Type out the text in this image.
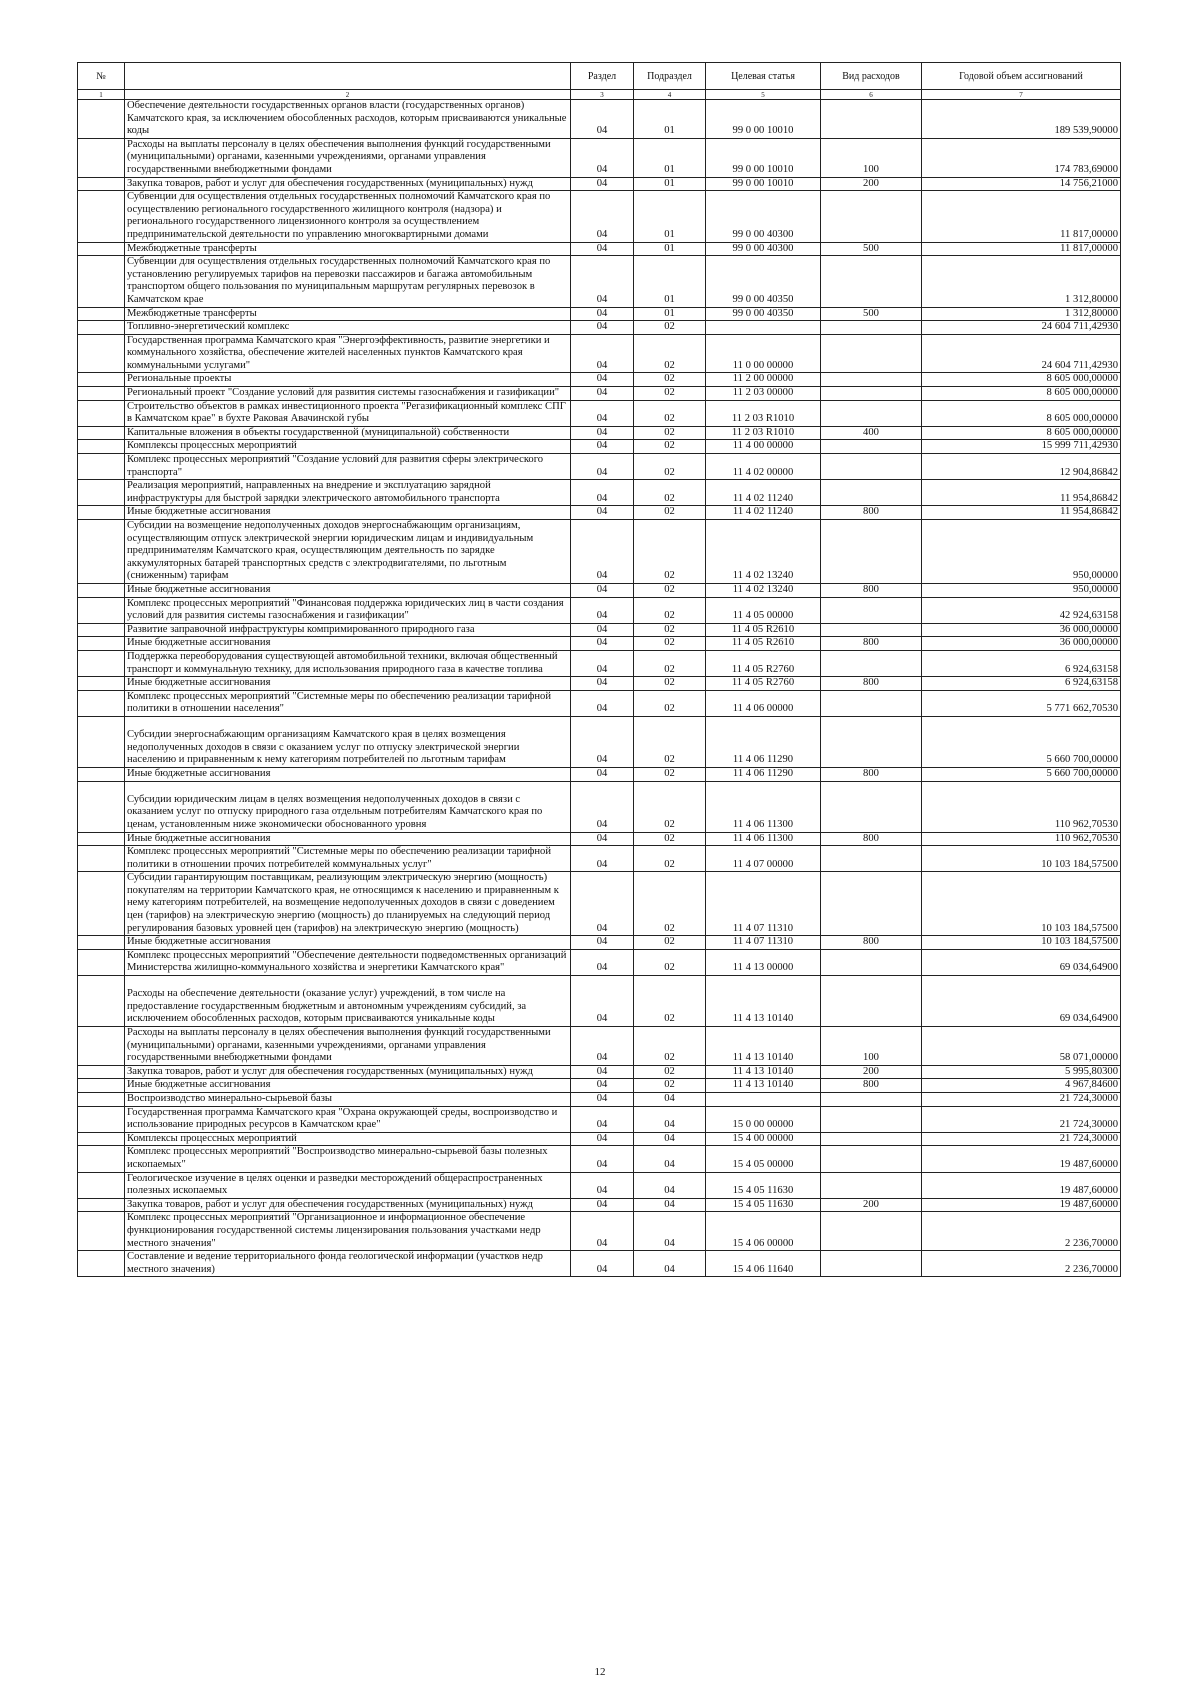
№		Раздел	Подраздел	Целевая статья	Вид расходов	Годовой объем ассигнований
1	2	3	4	5	6	7
	Обеспечение деятельности государственных органов власти (государственных органов) Камчатского края, за исключением обособленных расходов, которым присваиваются уникальные коды	04	01	99 0 00 10010		189 539,90000
	Расходы на выплаты персоналу в целях обеспечения выполнения функций государственными (муниципальными) органами, казенными учреждениями, органами управления государственными внебюджетными фондами	04	01	99 0 00 10010	100	174 783,69000
	Закупка товаров, работ и услуг для обеспечения государственных (муниципальных) нужд	04	01	99 0 00 10010	200	14 756,21000
	Субвенции для осуществления отдельных государственных полномочий Камчатского края по осуществлению регионального государственного жилищного контроля (надзора) и регионального государственного лицензионного контроля за осуществлением предпринимательской деятельности по управлению многоквартирными домами	04	01	99 0 00 40300		11 817,00000
	Межбюджетные трансферты	04	01	99 0 00 40300	500	11 817,00000
	Субвенции для осуществления отдельных государственных полномочий Камчатского края по установлению регулируемых тарифов на перевозки пассажиров и багажа автомобильным транспортом общего пользования по муниципальным маршрутам регулярных перевозок в Камчатском крае	04	01	99 0 00 40350		1 312,80000
	Межбюджетные трансферты	04	01	99 0 00 40350	500	1 312,80000
	Топливно-энергетический комплекс	04	02			24 604 711,42930
	Государственная программа Камчатского края "Энергоэффективность, развитие энергетики и коммунального хозяйства, обеспечение жителей населенных пунктов Камчатского края коммунальными услугами"	04	02	11 0 00 00000		24 604 711,42930
	Региональные проекты	04	02	11 2 00 00000		8 605 000,00000
	Региональный проект "Создание условий для развития системы газоснабжения и газификации"	04	02	11 2 03 00000		8 605 000,00000
	Строительство объектов в рамках инвестиционного проекта "Регазификационный комплекс СПГ в Камчатском крае" в бухте Раковая Авачинской губы	04	02	11 2 03 R1010		8 605 000,00000
	Капитальные вложения в объекты государственной (муниципальной) собственности	04	02	11 2 03 R1010	400	8 605 000,00000
	Комплексы процессных мероприятий	04	02	11 4 00 00000		15 999 711,42930
	Комплекс процессных мероприятий "Создание условий для развития сферы электрического транспорта"	04	02	11 4 02 00000		12 904,86842
	Реализация мероприятий, направленных на внедрение и эксплуатацию зарядной инфраструктуры для быстрой зарядки электрического автомобильного транспорта	04	02	11 4 02 11240		11 954,86842
	Иные бюджетные ассигнования	04	02	11 4 02 11240	800	11 954,86842
	Субсидии на возмещение недополученных доходов энергоснабжающим организациям, осуществляющим отпуск электрической энергии юридическим лицам и индивидуальным предпринимателям Камчатского края, осуществляющим деятельность по зарядке аккумуляторных батарей транспортных средств с электродвигателями, по льготным (сниженным) тарифам	04	02	11 4 02 13240		950,00000
	Иные бюджетные ассигнования	04	02	11 4 02 13240	800	950,00000
	Комплекс процессных мероприятий "Финансовая поддержка юридических лиц в части создания условий для развития системы газоснабжения и газификации"	04	02	11 4 05 00000		42 924,63158
	Развитие заправочной инфраструктуры компримированного природного газа	04	02	11 4 05 R2610		36 000,00000
	Иные бюджетные ассигнования	04	02	11 4 05 R2610	800	36 000,00000
	Поддержка переоборудования существующей автомобильной техники, включая общественный транспорт и коммунальную технику, для использования природного газа в качестве топлива	04	02	11 4 05 R2760		6 924,63158
	Иные бюджетные ассигнования	04	02	11 4 05 R2760	800	6 924,63158
	Комплекс процессных мероприятий "Системные меры по обеспечению реализации тарифной политики в отношении населения"	04	02	11 4 06 00000		5 771 662,70530
	Субсидии энергоснабжающим организациям Камчатского края в целях возмещения недополученных доходов в связи с оказанием услуг по отпуску электрической энергии населению и приравненным к нему категориям потребителей по льготным тарифам	04	02	11 4 06 11290		5 660 700,00000
	Иные бюджетные ассигнования	04	02	11 4 06 11290	800	5 660 700,00000
	Субсидии юридическим лицам в целях возмещения недополученных доходов в связи с оказанием услуг по отпуску природного газа отдельным потребителям Камчатского края по ценам, установленным ниже экономически обоснованного уровня	04	02	11 4 06 11300		110 962,70530
	Иные бюджетные ассигнования	04	02	11 4 06 11300	800	110 962,70530
	Комплекс процессных мероприятий "Системные меры по обеспечению реализации тарифной политики в отношении прочих потребителей коммунальных услуг"	04	02	11 4 07 00000		10 103 184,57500
	Субсидии гарантирующим поставщикам, реализующим электрическую энергию (мощность) покупателям на территории Камчатского края, не относящимся к населению и приравненным к нему категориям потребителей, на возмещение недополученных доходов в связи с доведением цен (тарифов) на электрическую энергию (мощность) до планируемых на следующий период регулирования базовых уровней цен (тарифов) на электрическую энергию (мощность)	04	02	11 4 07 11310		10 103 184,57500
	Иные бюджетные ассигнования	04	02	11 4 07 11310	800	10 103 184,57500
	Комплекс процессных мероприятий "Обеспечение деятельности подведомственных организаций Министерства жилищно-коммунального хозяйства и энергетики Камчатского края"	04	02	11 4 13 00000		69 034,64900
	Расходы на обеспечение деятельности (оказание услуг) учреждений, в том числе на предоставление государственным бюджетным и автономным учреждениям субсидий, за исключением обособленных расходов, которым присваиваются уникальные коды	04	02	11 4 13 10140		69 034,64900
	Расходы на выплаты персоналу в целях обеспечения выполнения функций государственными (муниципальными) органами, казенными учреждениями, органами управления государственными внебюджетными фондами	04	02	11 4 13 10140	100	58 071,00000
	Закупка товаров, работ и услуг для обеспечения государственных (муниципальных) нужд	04	02	11 4 13 10140	200	5 995,80300
	Иные бюджетные ассигнования	04	02	11 4 13 10140	800	4 967,84600
	Воспроизводство минерально-сырьевой базы	04	04			21 724,30000
	Государственная программа Камчатского края "Охрана окружающей среды, воспроизводство и использование природных ресурсов в Камчатском крае"	04	04	15 0 00 00000		21 724,30000
	Комплексы процессных мероприятий	04	04	15 4 00 00000		21 724,30000
	Комплекс процессных мероприятий "Воспроизводство минерально-сырьевой базы полезных ископаемых"	04	04	15 4 05 00000		19 487,60000
	Геологическое изучение в целях оценки и разведки месторождений общераспространенных полезных ископаемых	04	04	15 4 05 11630		19 487,60000
	Закупка товаров, работ и услуг для обеспечения государственных (муниципальных) нужд	04	04	15 4 05 11630	200	19 487,60000
	Комплекс процессных мероприятий "Организационное и информационное обеспечение функционирования государственной системы лицензирования пользования участками недр местного значения"	04	04	15 4 06 00000		2 236,70000
	Составление и ведение территориального фонда геологической информации (участков недр местного значения)	04	04	15 4 06 11640		2 236,70000
12
